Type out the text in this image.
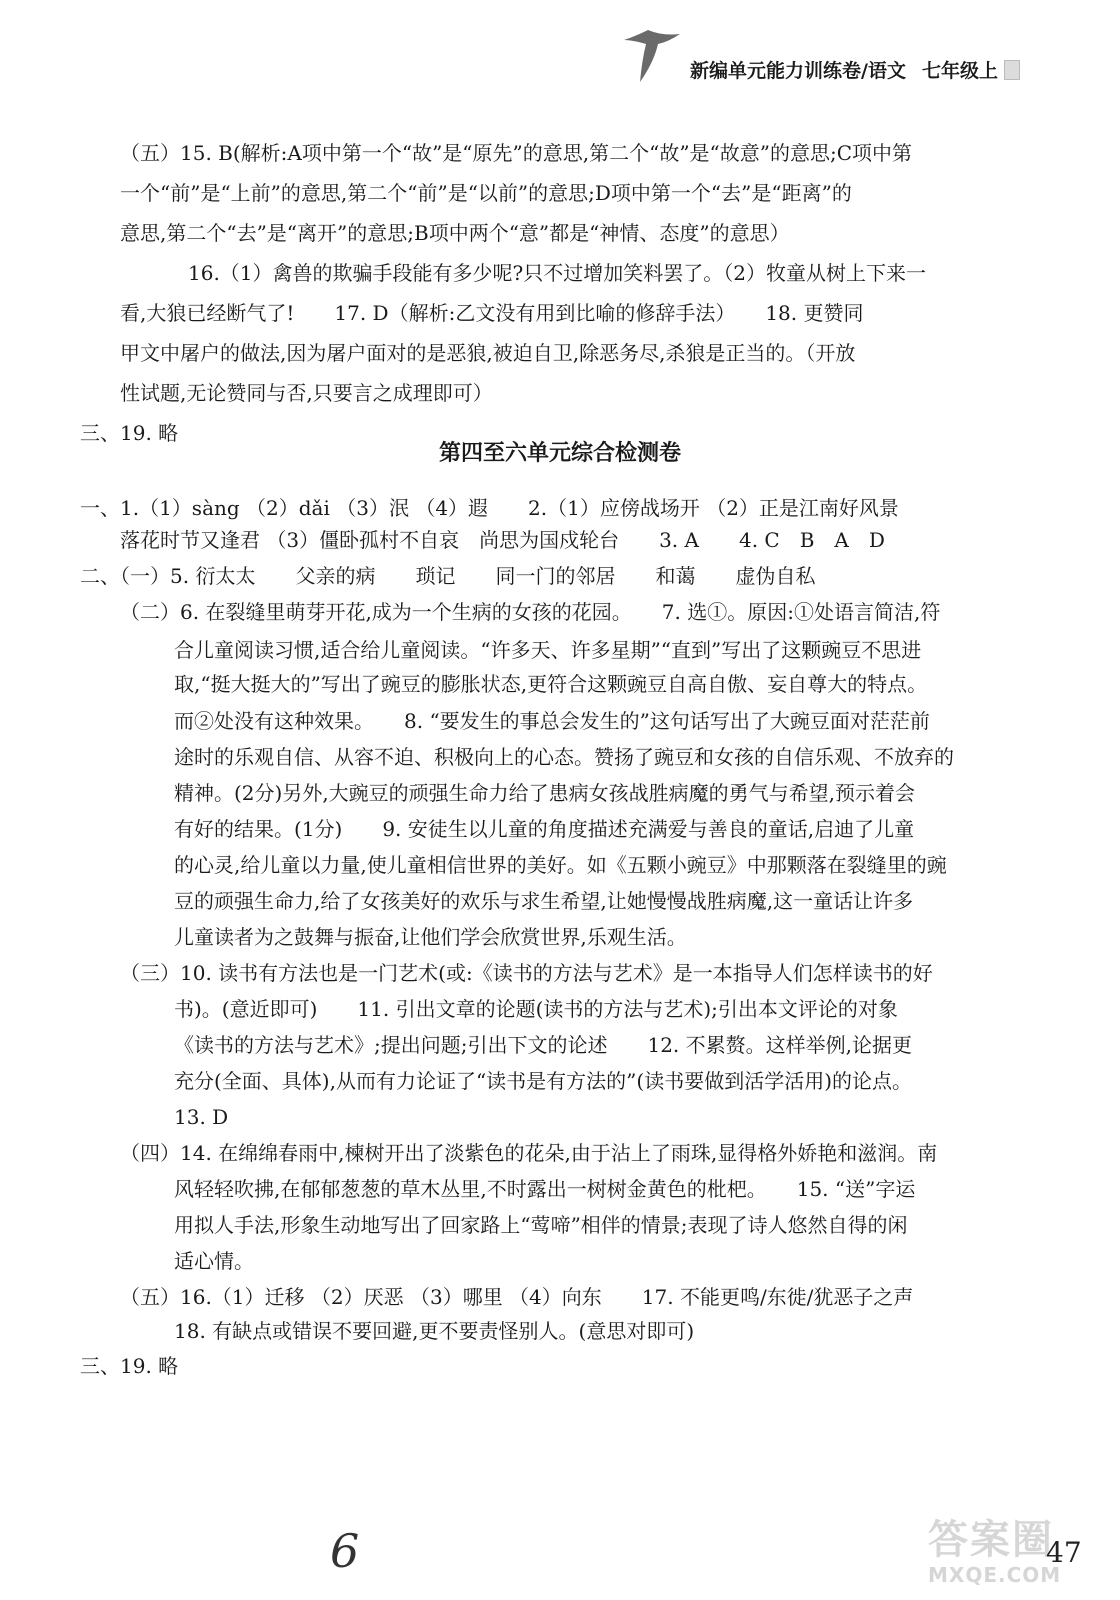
新编单元能力训练卷/语文 七年级上
（五）15. B(解析:A项中第一个“故”是“原先”的意思,第二个“故”是“故意”的意思;C项中第
一个“前”是“上前”的意思,第二个“前”是“以前”的意思;D项中第一个“去”是“距离”的
意思,第二个“去”是“离开”的意思;B项中两个“意”都是“神情、态度”的意思）
16.（1）禽兽的欺骗手段能有多少呢?只不过增加笑料罢了。（2）牧童从树上下来一
看,大狼已经断气了!　　17. D（解析:乙文没有用到比喻的修辞手法）　　18. 更赞同
甲文中屠户的做法,因为屠户面对的是恶狼,被迫自卫,除恶务尽,杀狼是正当的。（开放
性试题,无论赞同与否,只要言之成理即可）
三、19. 略
第四至六单元综合检测卷
一、1.（1）sàng （2）dǎi （3）泯 （4）遐　　2.（1）应傍战场开 （2）正是江南好风景
落花时节又逢君 （3）僵卧孤村不自哀　尚思为国戍轮台　　3. A　　4. C　B　A　D
二、（一）5. 衍太太　　父亲的病　　琐记　　同一门的邻居　　和蔼　　虚伪自私
（二）6. 在裂缝里萌芽开花,成为一个生病的女孩的花园。　　7. 选①。原因:①处语言简洁,符
合儿童阅读习惯,适合给儿童阅读。“许多天、许多星期”“直到”写出了这颗豌豆不思进
取,“挺大挺大的”写出了豌豆的膨胀状态,更符合这颗豌豆自高自傲、妄自尊大的特点。
而②处没有这种效果。　　8. “要发生的事总会发生的”这句话写出了大豌豆面对茫茫前
途时的乐观自信、从容不迫、积极向上的心态。赞扬了豌豆和女孩的自信乐观、不放弃的
精神。(2分)另外,大豌豆的顽强生命力给了患病女孩战胜病魔的勇气与希望,预示着会
有好的结果。(1分)　　9. 安徒生以儿童的角度描述充满爱与善良的童话,启迪了儿童
的心灵,给儿童以力量,使儿童相信世界的美好。如《五颗小豌豆》中那颗落在裂缝里的豌
豆的顽强生命力,给了女孩美好的欢乐与求生希望,让她慢慢战胜病魔,这一童话让许多
儿童读者为之鼓舞与振奋,让他们学会欣赏世界,乐观生活。
（三）10. 读书有方法也是一门艺术(或:《读书的方法与艺术》是一本指导人们怎样读书的好
书)。(意近即可)　　11. 引出文章的论题(读书的方法与艺术);引出本文评论的对象
《读书的方法与艺术》;提出问题;引出下文的论述　　12. 不累赘。这样举例,论据更
充分(全面、具体),从而有力论证了“读书是有方法的”(读书要做到活学活用)的论点。
13. D
（四）14. 在绵绵春雨中,楝树开出了淡紫色的花朵,由于沾上了雨珠,显得格外娇艳和滋润。南
风轻轻吹拂,在郁郁葱葱的草木丛里,不时露出一树树金黄色的枇杷。　　15. “送”字运
用拟人手法,形象生动地写出了回家路上“莺啼”相伴的情景;表现了诗人悠然自得的闲
适心情。
（五）16.（1）迁移 （2）厌恶 （3）哪里 （4）向东　　17. 不能更鸣/东徙/犹恶子之声
18. 有缺点或错误不要回避,更不要责怪别人。(意思对即可)
三、19. 略
6	答案圈
MXQE.COM
47
